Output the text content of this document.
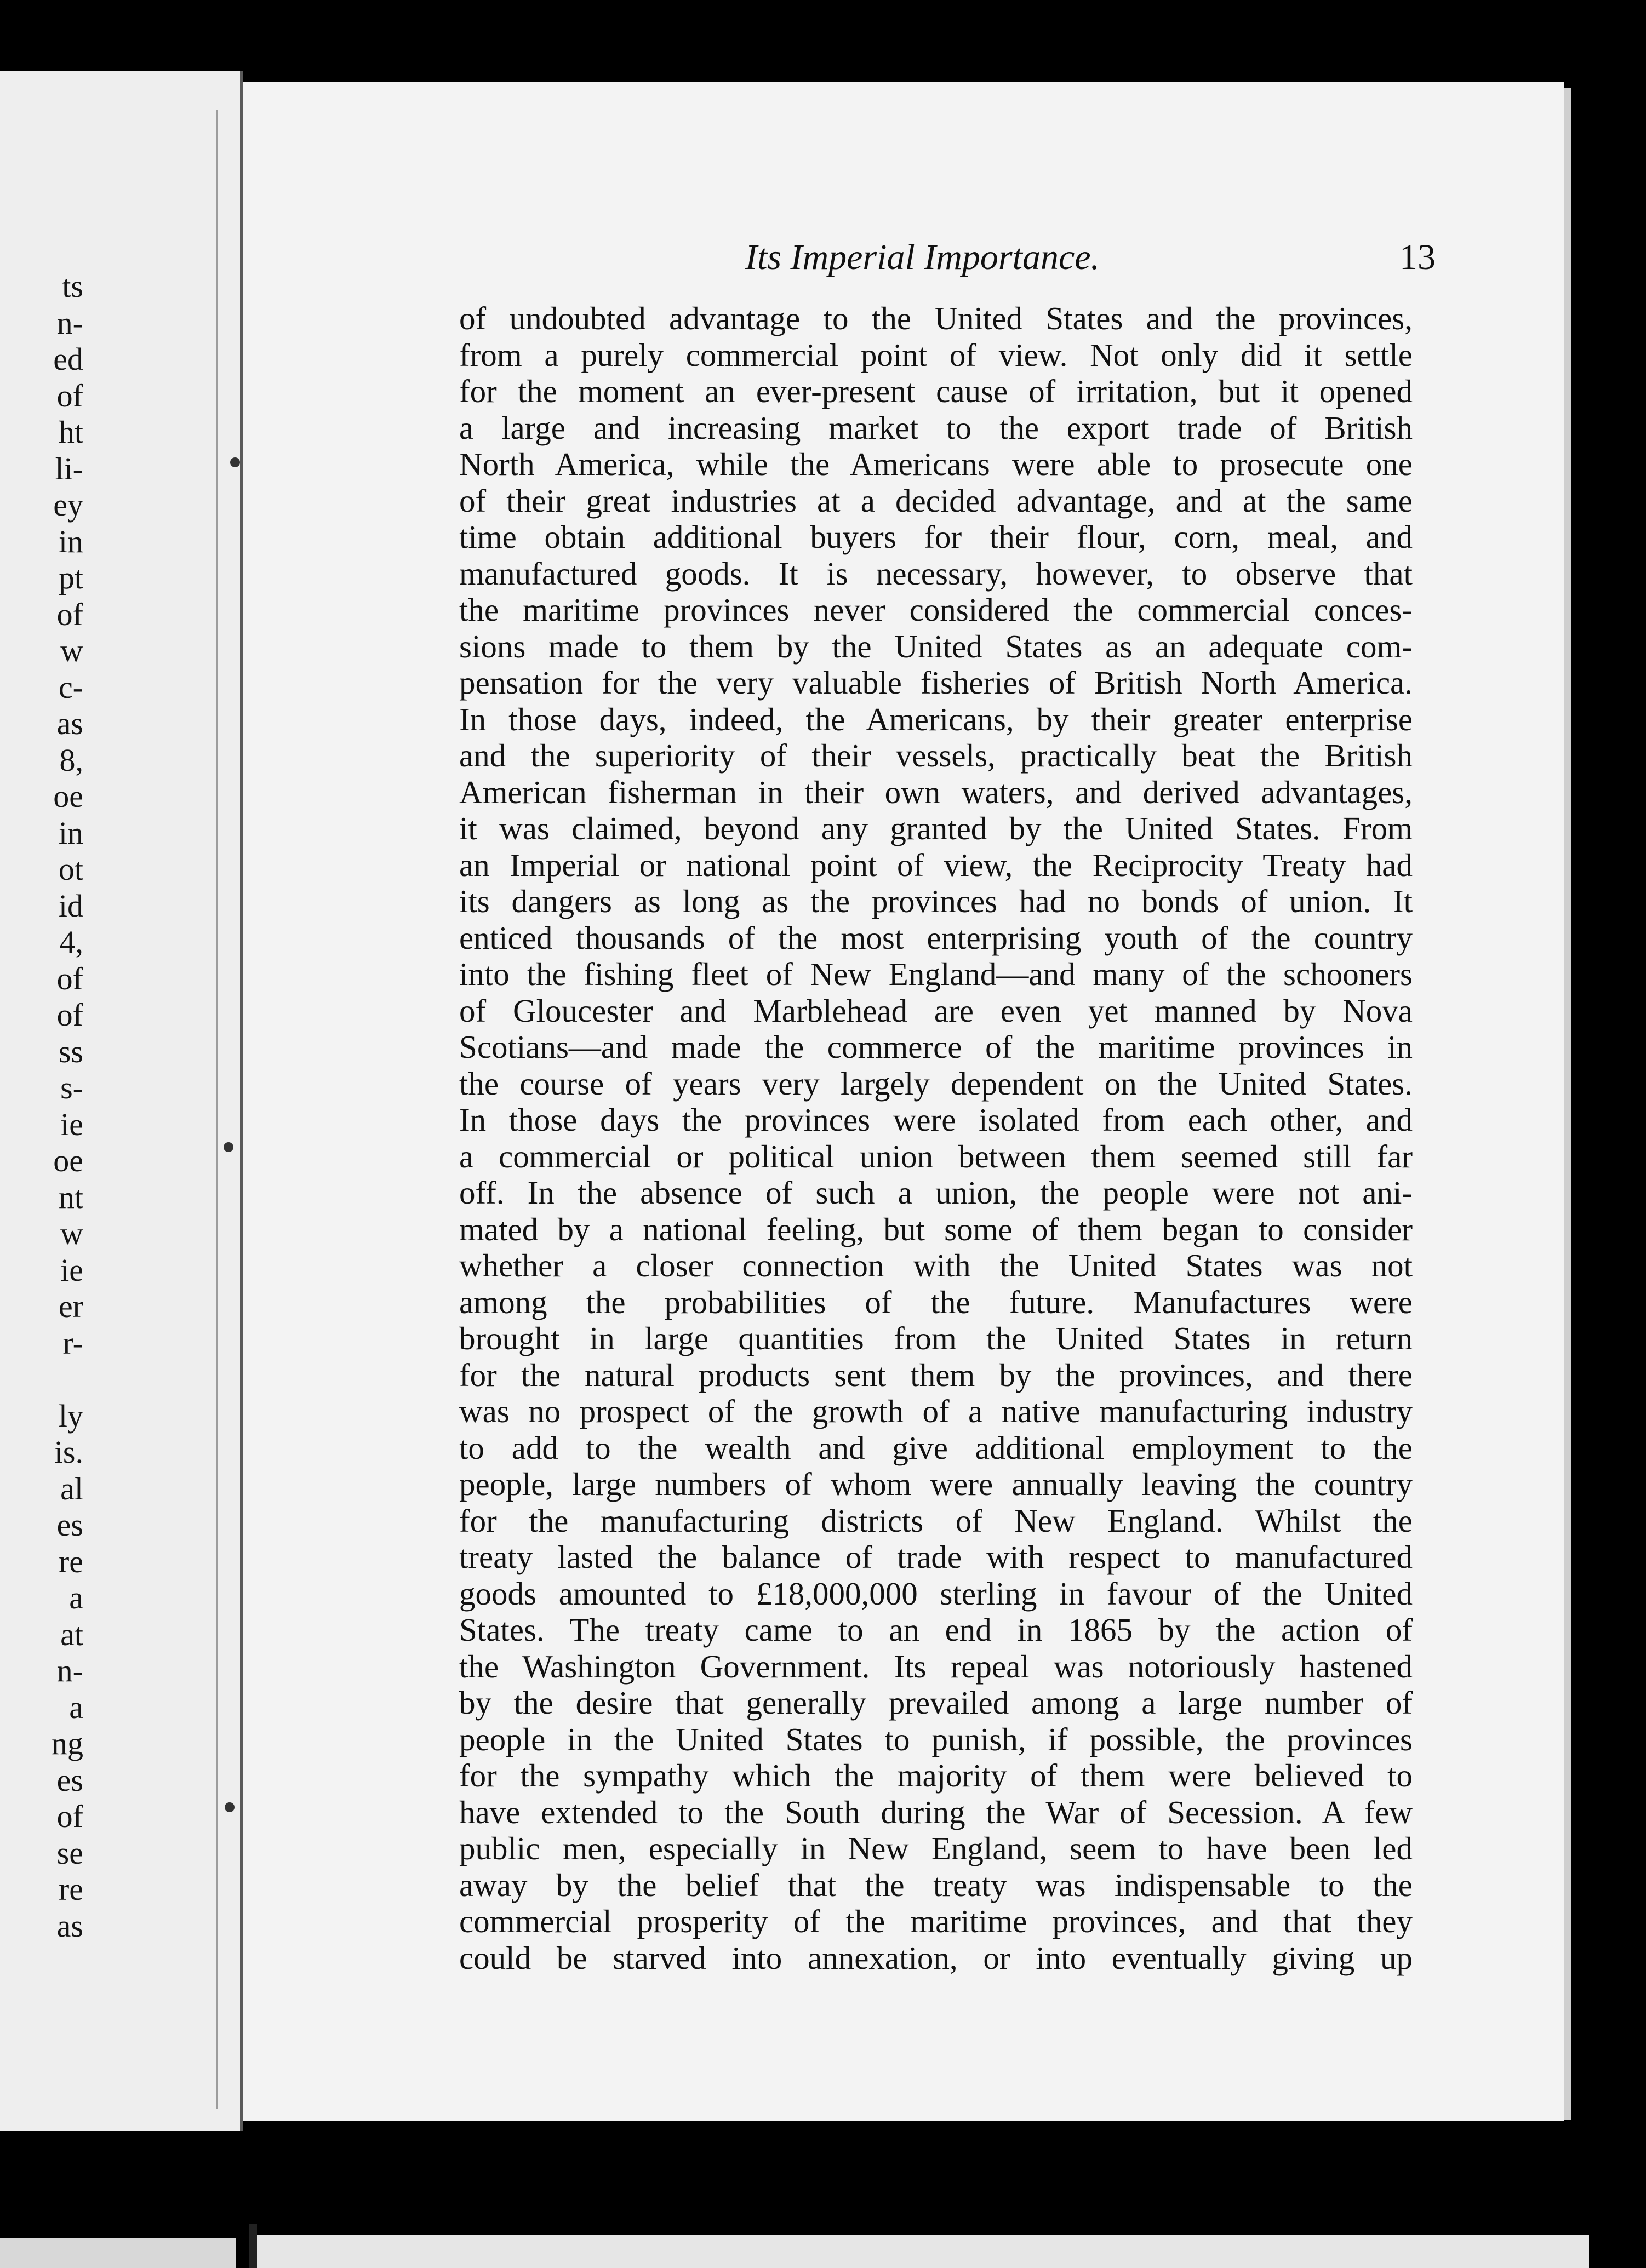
ts
n-
ed
of
ht
li-
ey
in
pt
of
w
c-
as
8,
oe
in
ot
id
4,
of
of
ss
s-
ie
oe
nt
w
ie
er
r-
ly
is.
al
es
re
a
at
n-
a
ng
es
of
se
re
as
Its Imperial Importance.	13
of undoubted advantage to the United States and the provinces,
from a purely commercial point of view. Not only did it settle
for the moment an ever-present cause of irritation, but it opened
a large and increasing market to the export trade of British
North America, while the Americans were able to prosecute one
of their great industries at a decided advantage, and at the same
time obtain additional buyers for their flour, corn, meal, and
manufactured goods. It is necessary, however, to observe that
the maritime provinces never considered the commercial conces-
sions made to them by the United States as an adequate com-
pensation for the very valuable fisheries of British North America.
In those days, indeed, the Americans, by their greater enterprise
and the superiority of their vessels, practically beat the British
American fisherman in their own waters, and derived advantages,
it was claimed, beyond any granted by the United States. From
an Imperial or national point of view, the Reciprocity Treaty had
its dangers as long as the provinces had no bonds of union. It
enticed thousands of the most enterprising youth of the country
into the fishing fleet of New England—and many of the schooners
of Gloucester and Marblehead are even yet manned by Nova
Scotians—and made the commerce of the maritime provinces in
the course of years very largely dependent on the United States.
In those days the provinces were isolated from each other, and
a commercial or political union between them seemed still far
off. In the absence of such a union, the people were not ani-
mated by a national feeling, but some of them began to consider
whether a closer connection with the United States was not
among the probabilities of the future. Manufactures were
brought in large quantities from the United States in return
for the natural products sent them by the provinces, and there
was no prospect of the growth of a native manufacturing industry
to add to the wealth and give additional employment to the
people, large numbers of whom were annually leaving the country
for the manufacturing districts of New England. Whilst the
treaty lasted the balance of trade with respect to manufactured
goods amounted to £18,000,000 sterling in favour of the United
States. The treaty came to an end in 1865 by the action of
the Washington Government. Its repeal was notoriously hastened
by the desire that generally prevailed among a large number of
people in the United States to punish, if possible, the provinces
for the sympathy which the majority of them were believed to
have extended to the South during the War of Secession. A few
public men, especially in New England, seem to have been led
away by the belief that the treaty was indispensable to the
commercial prosperity of the maritime provinces, and that they
could be starved into annexation, or into eventually giving up
